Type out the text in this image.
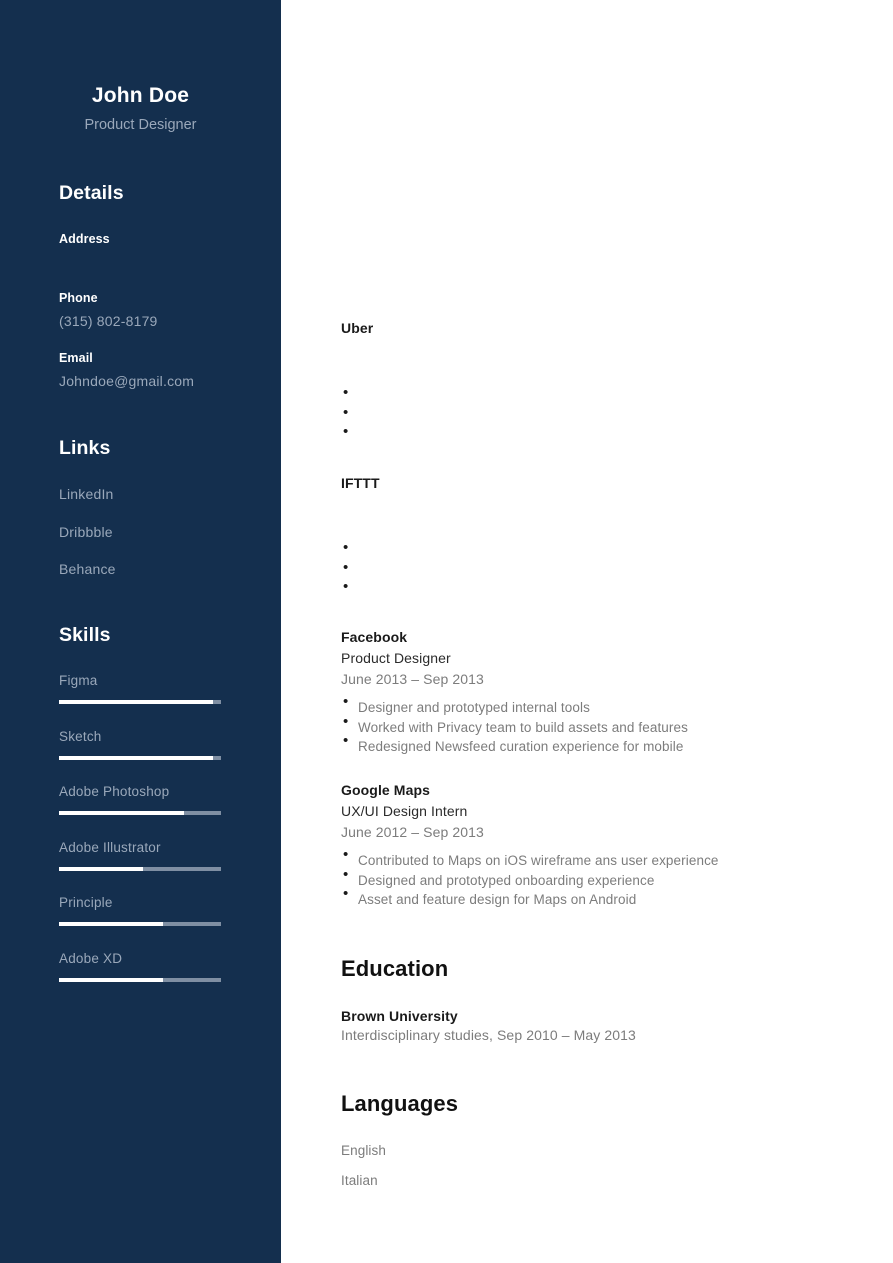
John Doe
Product Designer
Details
Address
Phone
(315) 802-8179
Email
Johndoe@gmail.com
Links
LinkedIn
Dribbble
Behance
Skills
Figma
Sketch
Adobe Photoshop
Adobe Illustrator
Principle
Adobe XD
Uber
•
•
•
IFTTT
•
•
•
Facebook
Product Designer
June 2013 – Sep 2013
• Designer and prototyped internal tools
• Worked with Privacy team to build assets and features
• Redesigned Newsfeed curation experience for mobile
Google Maps
UX/UI Design Intern
June 2012 – Sep 2013
• Contributed to Maps on iOS wireframe ans user experience
• Designed and prototyped onboarding experience
• Asset and feature design for Maps on Android
Education
Brown University
Interdisciplinary studies, Sep 2010 – May 2013
Languages
English
Italian
